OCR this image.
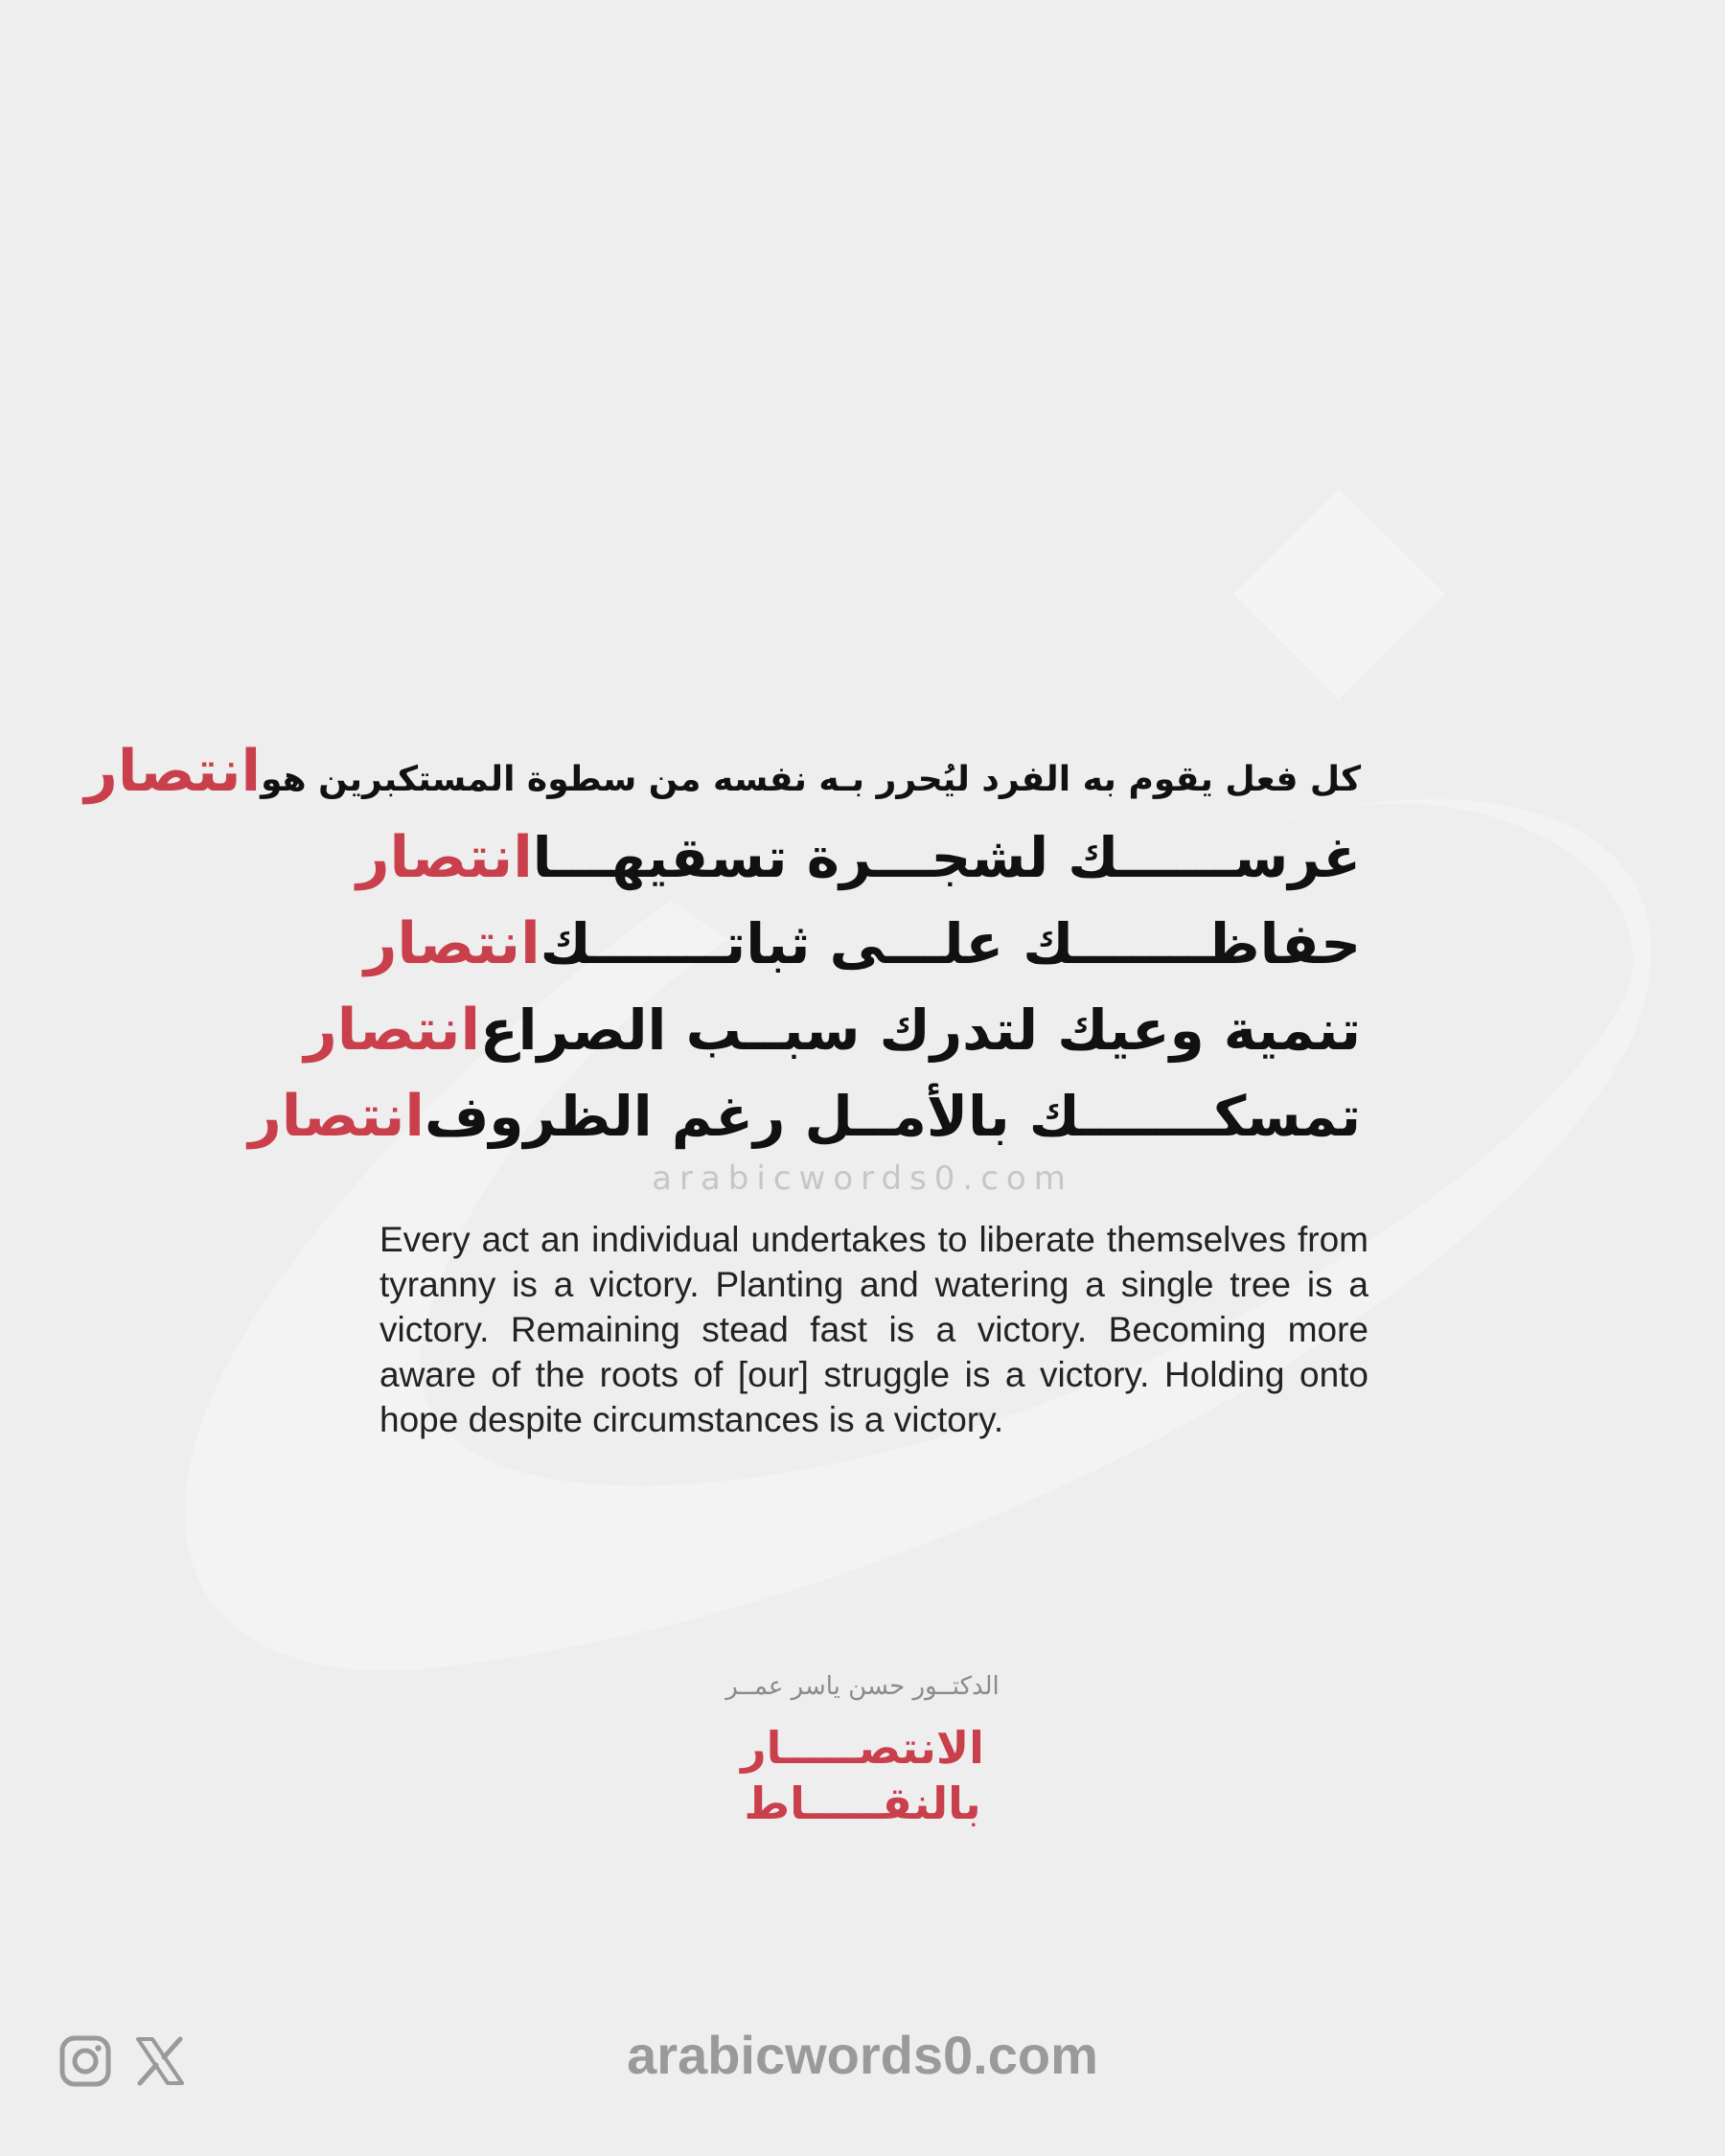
كل فعل يقوم به الفرد ليُحرر بـه نفسه من سطوة المستكبرين هو
انتصار
غرســــــك لشجـــرة تسقيهـــا
انتصار
حفاظـــــــك علـــى ثباتـــــــك
انتصار
تنمية وعيك لتدرك سبــب الصراع
انتصار
تمسكـــــــك بالأمــل رغم الظروف
انتصار
arabicwords0.com
Every act an individual undertakes to liberate themselves from tyranny is a victory. Planting and watering a single tree is a victory. Remaining stead fast is a victory. Becoming more aware of the roots of [our] struggle is a victory. Holding onto hope despite circumstances is a victory.
الدكتــور حسن ياسر عمــر
الانتصـــــار
بالنقـــــاط
arabicwords0.com
